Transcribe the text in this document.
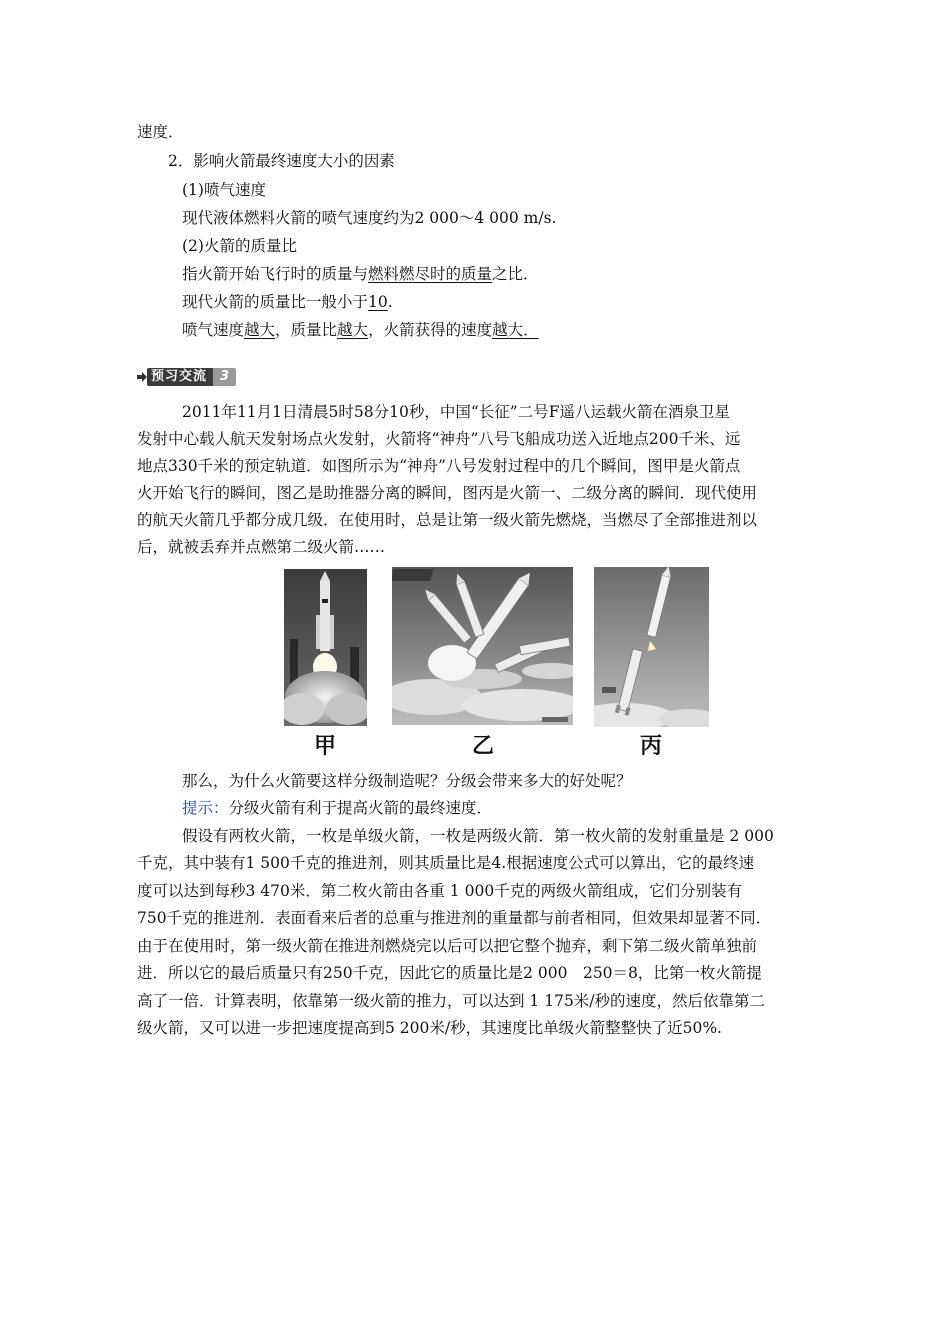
速度．
2．影响火箭最终速度大小的因素
(1)喷气速度
现代液体燃料火箭的喷气速度约为2 000～4 000 m/s.
(2)火箭的质量比
指火箭开始飞行时的质量与燃料燃尽时的质量之比．
现代火箭的质量比一般小于10.
喷气速度越大，质量比越大，火箭获得的速度越大．
预习交流	3
2011年11月1日清晨5时58分10秒，中国“长征”二号F遥八运载火箭在酒泉卫星
发射中心载人航天发射场点火发射，火箭将“神舟”八号飞船成功送入近地点200千米、远
地点330千米的预定轨道．如图所示为“神舟”八号发射过程中的几个瞬间，图甲是火箭点
火开始飞行的瞬间，图乙是助推器分离的瞬间，图丙是火箭一、二级分离的瞬间．现代使用
的航天火箭几乎都分成几级．在使用时，总是让第一级火箭先燃烧，当燃尽了全部推进剂以
后，就被丢弃并点燃第二级火箭……
甲	乙	丙
那么，为什么火箭要这样分级制造呢？分级会带来多大的好处呢？
提示：分级火箭有利于提高火箭的最终速度．
假设有两枚火箭，一枚是单级火箭，一枚是两级火箭．第一枚火箭的发射重量是 2 000
千克，其中装有1 500千克的推进剂，则其质量比是4.根据速度公式可以算出，它的最终速
度可以达到每秒3 470米．第二枚火箭由各重 1 000千克的两级火箭组成，它们分别装有
750千克的推进剂．表面看来后者的总重与推进剂的重量都与前者相同，但效果却显著不同．
由于在使用时，第一级火箭在推进剂燃烧完以后可以把它整个抛弃，剩下第二级火箭单独前
进．所以它的最后质量只有250千克，因此它的质量比是2 000　250＝8，比第一枚火箭提
高了一倍．计算表明，依靠第一级火箭的推力，可以达到 1 175米/秒的速度，然后依靠第二
级火箭，又可以进一步把速度提高到5 200米/秒，其速度比单级火箭整整快了近50%.
